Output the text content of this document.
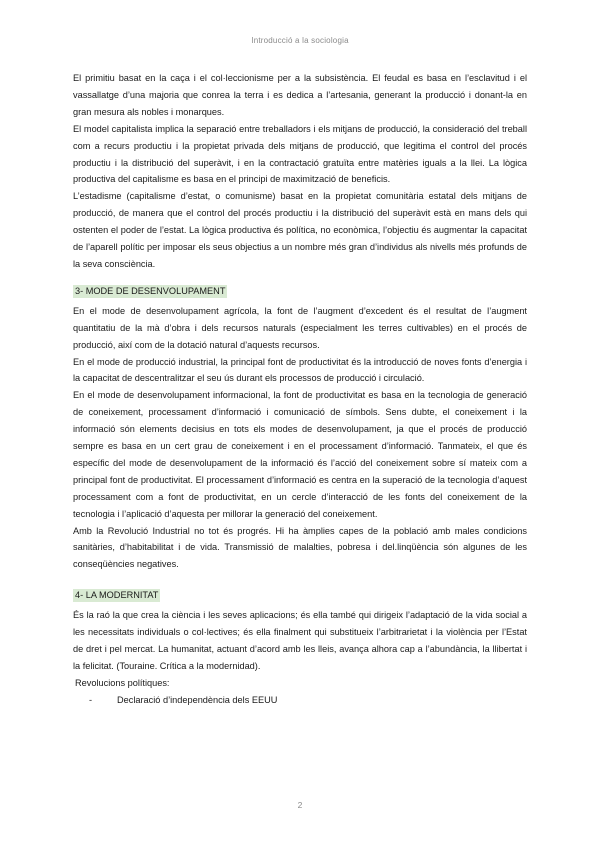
Introducció a la sociologia

El primitiu basat en la caça i el col·leccionisme per a la subsistència. El feudal es basa en l’esclavitud i el vassallatge d’una majoria que conrea la terra i es dedica a l’artesania, generant la producció i donant-la en gran mesura als nobles i monarques.

El model capitalista implica la separació entre treballadors i els mitjans de producció, la consideració del treball com a recurs productiu i la propietat privada dels mitjans de producció, que legitima el control del procés productiu i la distribució del superàvit, i en la contractació gratuïta entre matèries iguals a la llei. La lògica productiva del capitalisme es basa en el principi de maximització de beneficis.

L’estadisme (capitalisme d’estat, o comunisme) basat en la propietat comunitària estatal dels mitjans de producció, de manera que el control del procés productiu i la distribució del superàvit està en mans dels qui ostenten el poder de l’estat. La lògica productiva és política, no econòmica, l’objectiu és augmentar la capacitat de l’aparell polític per imposar els seus objectius a un nombre més gran d’individus als nivells més profunds de la seva consciència.

3- MODE DE DESENVOLUPAMENT

En el mode de desenvolupament agrícola, la font de l’augment d’excedent és el resultat de l’augment quantitatiu de la mà d’obra i dels recursos naturals (especialment les terres cultivables) en el procés de producció, així com de la dotació natural d’aquests recursos.

En el mode de producció industrial, la principal font de productivitat és la introducció de noves fonts d’energia i la capacitat de descentralitzar el seu ús durant els processos de producció i circulació.

En el mode de desenvolupament informacional, la font de productivitat es basa en la tecnologia de generació de coneixement, processament d’informació i comunicació de símbols. Sens dubte, el coneixement i la informació són elements decisius en tots els modes de desenvolupament, ja que el procés de producció sempre es basa en un cert grau de coneixement i en el processament d’informació. Tanmateix, el que és específic del mode de desenvolupament de la informació és l’acció del coneixement sobre sí mateix com a principal font de productivitat. El processament d’informació es centra en la superació de la tecnologia d’aquest processament com a font de productivitat, en un cercle d’interacció de les fonts del coneixement de la tecnologia i l’aplicació d’aquesta per millorar la generació del coneixement.

Amb la Revolució Industrial no tot és progrés. Hi ha àmplies capes de la població amb males condicions sanitàries, d’habitabilitat i de vida. Transmissió de malalties, pobresa i del.linqüència són algunes de les conseqüències negatives.

4- LA MODERNITAT

És la raó la que crea la ciència i les seves aplicacions; és ella també qui dirigeix l’adaptació de la vida social a les necessitats individuals o col·lectives; és ella finalment qui substitueix l’arbitrarietat i la violència per l’Estat de dret i pel mercat. La humanitat, actuant d’acord amb les lleis, avança alhora cap a l’abundància, la llibertat i la felicitat. (Touraine. Crítica a la modernidad).

Revolucions polítiques:

-	Declaració d’independència dels EEUU
2
